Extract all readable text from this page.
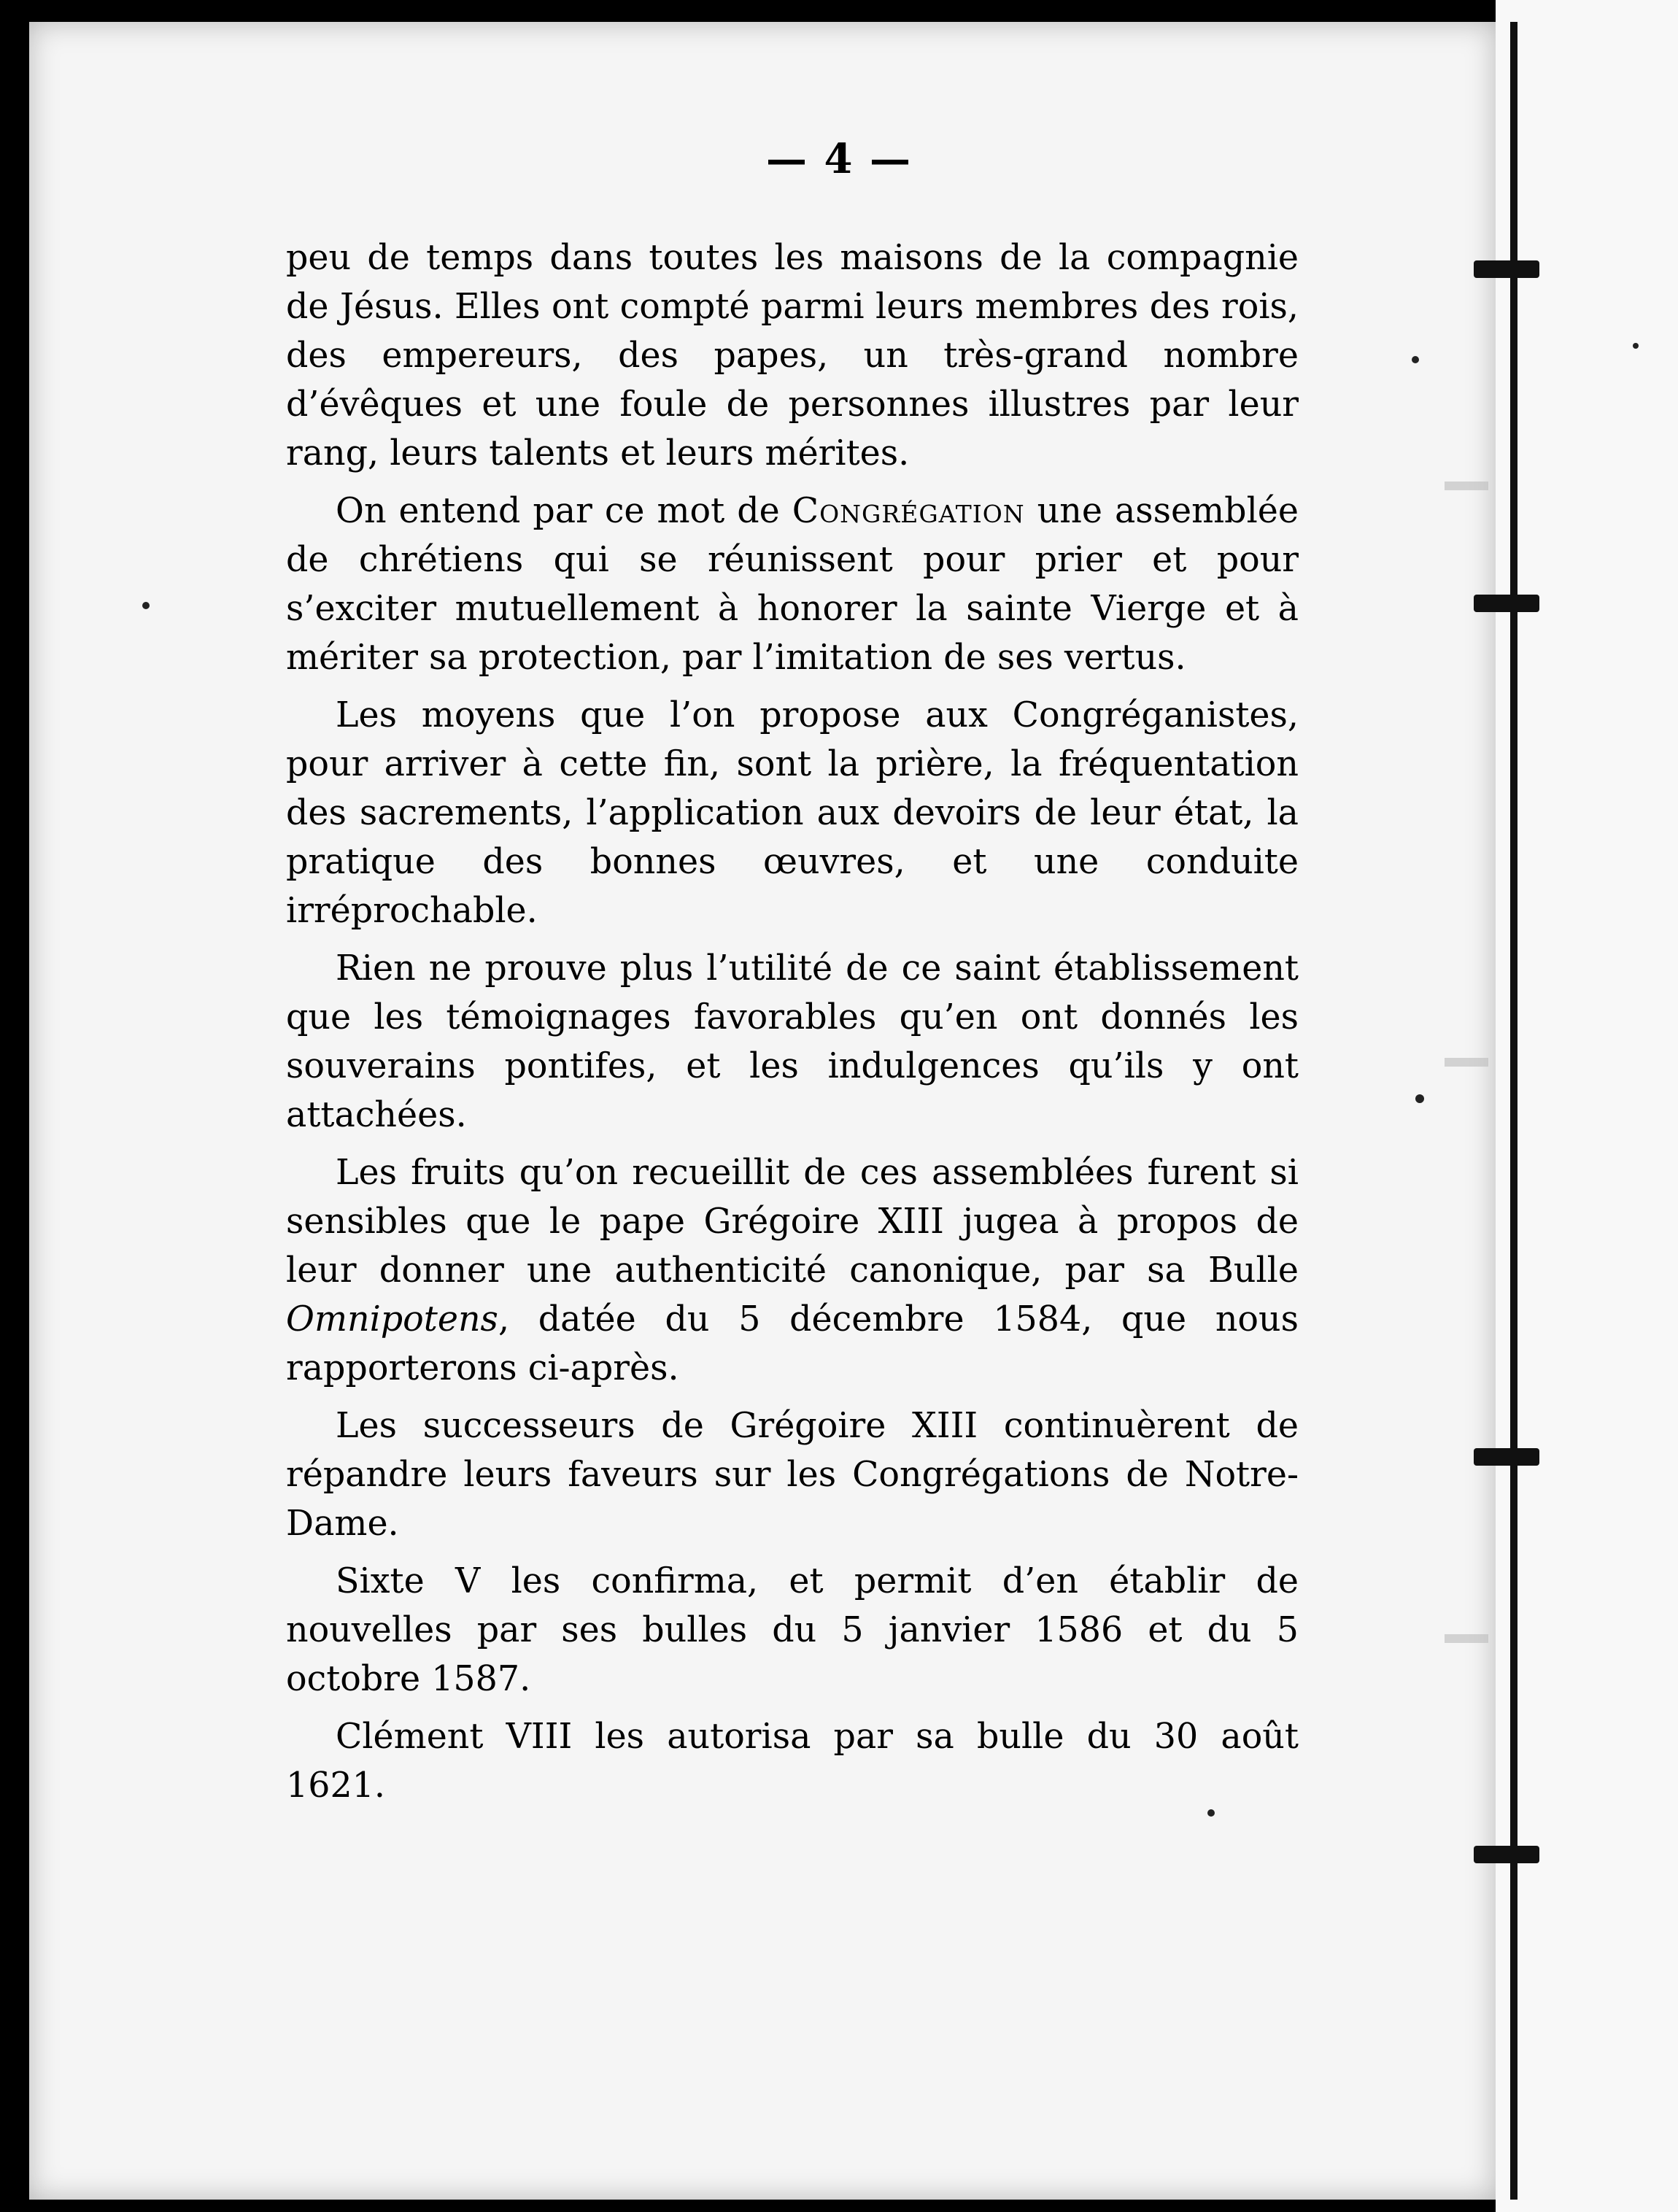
— 4 —

peu de temps dans toutes les maisons de la compagnie de Jésus. Elles ont compté parmi leurs membres des rois, des empereurs, des papes, un très-grand nombre d’évêques et une foule de personnes illustres par leur rang, leurs talents et leurs mérites.

On entend par ce mot de Congrégation une assemblée de chrétiens qui se réunissent pour prier et pour s’exciter mutuellement à honorer la sainte Vierge et à mériter sa protection, par l’imitation de ses vertus.

Les moyens que l’on propose aux Congréganistes, pour arriver à cette fin, sont la prière, la fréquentation des sacrements, l’application aux devoirs de leur état, la pratique des bonnes œuvres, et une conduite irréprochable.

Rien ne prouve plus l’utilité de ce saint établissement que les témoignages favorables qu’en ont donnés les souverains pontifes, et les indulgences qu’ils y ont attachées.

Les fruits qu’on recueillit de ces assemblées furent si sensibles que le pape Grégoire XIII jugea à propos de leur donner une authenticité canonique, par sa Bulle Omnipotens, datée du 5 décembre 1584, que nous rapporterons ci-après.

Les successeurs de Grégoire XIII continuèrent de répandre leurs faveurs sur les Congrégations de Notre-Dame.

Sixte V les confirma, et permit d’en établir de nouvelles par ses bulles du 5 janvier 1586 et du 5 octobre 1587.

Clément VIII les autorisa par sa bulle du 30 août 1621.
